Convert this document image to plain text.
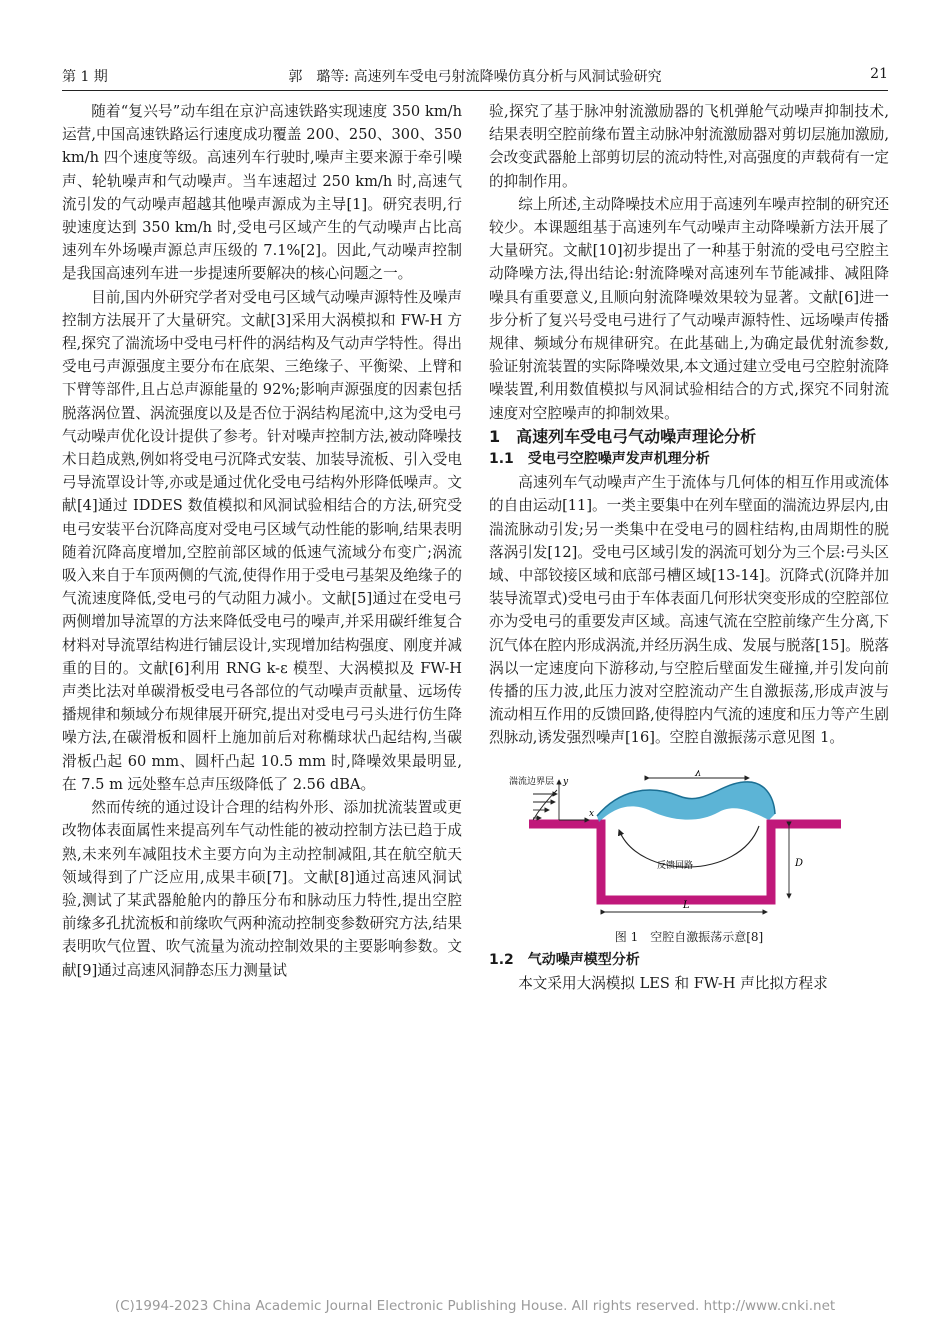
第 1 期	郭　璐等: 高速列车受电弓射流降噪仿真分析与风洞试验研究	21

随着“复兴号”动车组在京沪高速铁路实现速度 350 km/h 运营,中国高速铁路运行速度成功覆盖 200、250、300、350 km/h 四个速度等级。高速列车行驶时,噪声主要来源于牵引噪声、轮轨噪声和气动噪声。当车速超过 250 km/h 时,高速气流引发的气动噪声超越其他噪声源成为主导[1]。研究表明,行驶速度达到 350 km/h 时,受电弓区域产生的气动噪声占比高速列车外场噪声源总声压级的 7.1%[2]。因此,气动噪声控制是我国高速列车进一步提速所要解决的核心问题之一。

目前,国内外研究学者对受电弓区域气动噪声源特性及噪声控制方法展开了大量研究。文献[3]采用大涡模拟和 FW-H 方程,探究了湍流场中受电弓杆件的涡结构及气动声学特性。得出受电弓声源强度主要分布在底架、三绝缘子、平衡梁、上臂和下臂等部件,且占总声源能量的 92%;影响声源强度的因素包括脱落涡位置、涡流强度以及是否位于涡结构尾流中,这为受电弓气动噪声优化设计提供了参考。针对噪声控制方法,被动降噪技术日趋成熟,例如将受电弓沉降式安装、加装导流板、引入受电弓导流罩设计等,亦或是通过优化受电弓结构外形降低噪声。文献[4]通过 IDDES 数值模拟和风洞试验相结合的方法,研究受电弓安装平台沉降高度对受电弓区域气动性能的影响,结果表明随着沉降高度增加,空腔前部区域的低速气流域分布变广;涡流吸入来自于车顶两侧的气流,使得作用于受电弓基架及绝缘子的气流速度降低,受电弓的气动阻力减小。文献[5]通过在受电弓两侧增加导流罩的方法来降低受电弓的噪声,并采用碳纤维复合材料对导流罩结构进行铺层设计,实现增加结构强度、刚度并减重的目的。文献[6]利用 RNG k-ε 模型、大涡模拟及 FW-H 声类比法对单碳滑板受电弓各部位的气动噪声贡献量、远场传播规律和频域分布规律展开研究,提出对受电弓弓头进行仿生降噪方法,在碳滑板和圆杆上施加前后对称椭球状凸起结构,当碳滑板凸起 60 mm、圆杆凸起 10.5 mm 时,降噪效果最明显,在 7.5 m 远处整车总声压级降低了 2.56 dBA。

然而传统的通过设计合理的结构外形、添加扰流装置或更改物体表面属性来提高列车气动性能的被动控制方法已趋于成熟,未来列车减阻技术主要方向为主动控制减阻,其在航空航天领域得到了广泛应用,成果丰硕[7]。文献[8]通过高速风洞试验,测试了某武器舱舱内的静压分布和脉动压力特性,提出空腔前缘多孔扰流板和前缘吹气两种流动控制变参数研究方法,结果表明吹气位置、吹气流量为流动控制效果的主要影响参数。文献[9]通过高速风洞静态压力测量试

验,探究了基于脉冲射流激励器的飞机弹舱气动噪声抑制技术,结果表明空腔前缘布置主动脉冲射流激励器对剪切层施加激励,会改变武器舱上部剪切层的流动特性,对高强度的声载荷有一定的抑制作用。

综上所述,主动降噪技术应用于高速列车噪声控制的研究还较少。本课题组基于高速列车气动噪声主动降噪新方法开展了大量研究。文献[10]初步提出了一种基于射流的受电弓空腔主动降噪方法,得出结论:射流降噪对高速列车节能减排、减阻降噪具有重要意义,且顺向射流降噪效果较为显著。文献[6]进一步分析了复兴号受电弓进行了气动噪声源特性、远场噪声传播规律、频域分布规律研究。在此基础上,为确定最优射流参数,验证射流装置的实际降噪效果,本文通过建立受电弓空腔射流降噪装置,利用数值模拟与风洞试验相结合的方式,探究不同射流速度对空腔噪声的抑制效果。

1　高速列车受电弓气动噪声理论分析

1.1　受电弓空腔噪声发声机理分析

高速列车气动噪声产生于流体与几何体的相互作用或流体的自由运动[11]。一类主要集中在列车壁面的湍流边界层内,由湍流脉动引发;另一类集中在受电弓的圆柱结构,由周期性的脱落涡引发[12]。受电弓区域引发的涡流可划分为三个层:弓头区域、中部铰接区域和底部弓槽区域[13-14]。沉降式(沉降并加装导流罩式)受电弓由于车体表面几何形状突变形成的空腔部位亦为受电弓的重要发声区域。高速气流在空腔前缘产生分离,下沉气体在腔内形成涡流,并经历涡生成、发展与脱落[15]。脱落涡以一定速度向下游移动,与空腔后壁面发生碰撞,并引发向前传播的压力波,此压力波对空腔流动产生自激振荡,形成声波与流动相互作用的反馈回路,使得腔内气流的速度和压力等产生剧烈脉动,诱发强烈噪声[16]。空腔自激振荡示意见图 1。

湍流边界层 y
x
λ
反馈回路	D
L

图 1　空腔自激振荡示意[8]

1.2　气动噪声模型分析

本文采用大涡模拟 LES 和 FW-H 声比拟方程求

(C)1994-2023 China Academic Journal Electronic Publishing House. All rights reserved. http://www.cnki.net
